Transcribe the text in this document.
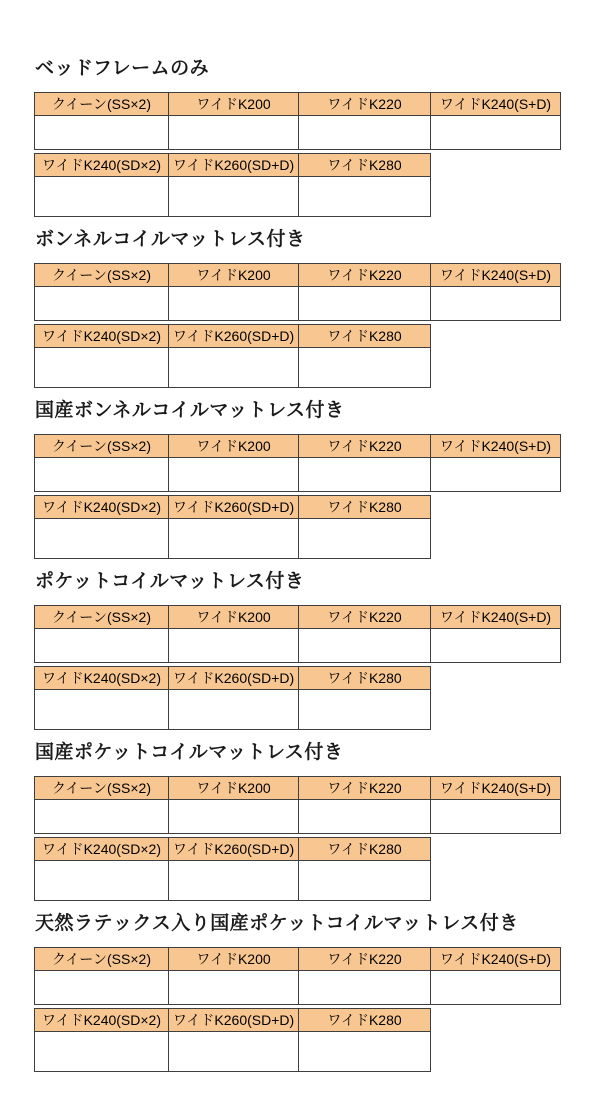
ベッドフレームのみ
クイーン(SS×2)	ワイドK200	ワイドK220	ワイドK240(S+D)

ワイドK240(SD×2)	ワイドK260(SD+D)	ワイドK280

ボンネルコイルマットレス付き
クイーン(SS×2)	ワイドK200	ワイドK220	ワイドK240(S+D)

ワイドK240(SD×2)	ワイドK260(SD+D)	ワイドK280

国産ボンネルコイルマットレス付き
クイーン(SS×2)	ワイドK200	ワイドK220	ワイドK240(S+D)

ワイドK240(SD×2)	ワイドK260(SD+D)	ワイドK280

ポケットコイルマットレス付き
クイーン(SS×2)	ワイドK200	ワイドK220	ワイドK240(S+D)

ワイドK240(SD×2)	ワイドK260(SD+D)	ワイドK280

国産ポケットコイルマットレス付き
クイーン(SS×2)	ワイドK200	ワイドK220	ワイドK240(S+D)

ワイドK240(SD×2)	ワイドK260(SD+D)	ワイドK280

天然ラテックス入り国産ポケットコイルマットレス付き
クイーン(SS×2)	ワイドK200	ワイドK220	ワイドK240(S+D)

ワイドK240(SD×2)	ワイドK260(SD+D)	ワイドK280
